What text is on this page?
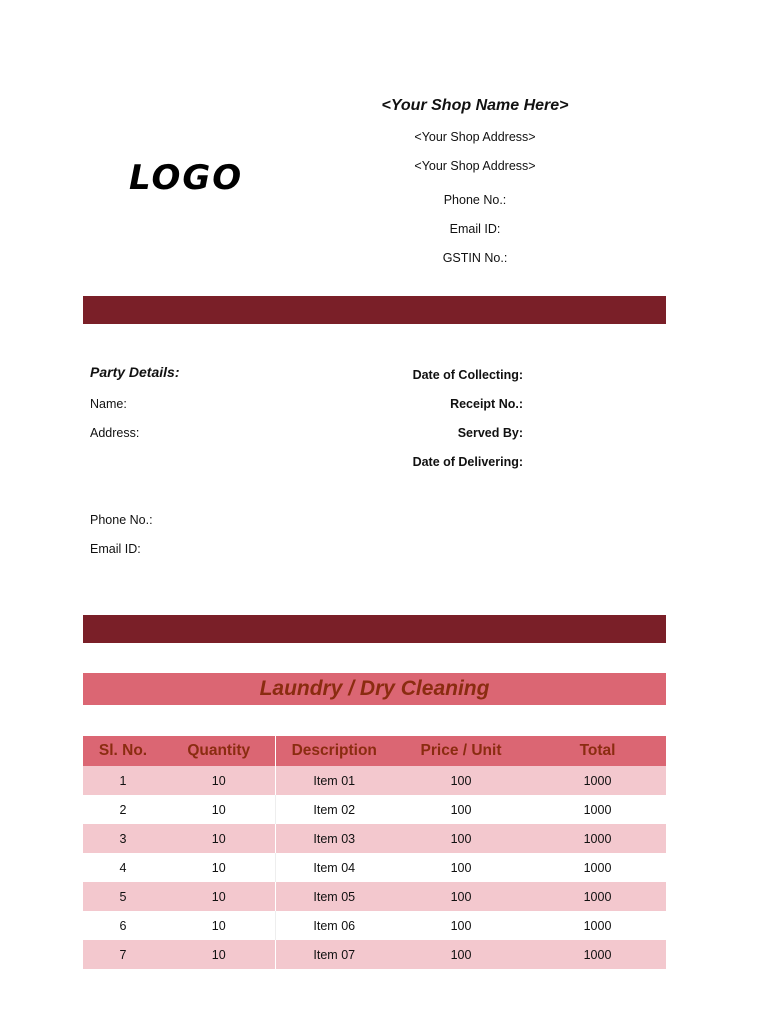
LOGO
<Your Shop Name Here>
<Your Shop Address>
<Your Shop Address>
Phone No.:
Email ID:
GSTIN No.:
Party Details:
Name:
Address:
Phone No.:
Email ID:
Date of Collecting:
Receipt No.:
Served By:
Date of Delivering:
Laundry / Dry Cleaning
Sl. No.	Quantity	Description	Price / Unit	Total
1	10	Item 01	100	1000
2	10	Item 02	100	1000
3	10	Item 03	100	1000
4	10	Item 04	100	1000
5	10	Item 05	100	1000
6	10	Item 06	100	1000
7	10	Item 07	100	1000
